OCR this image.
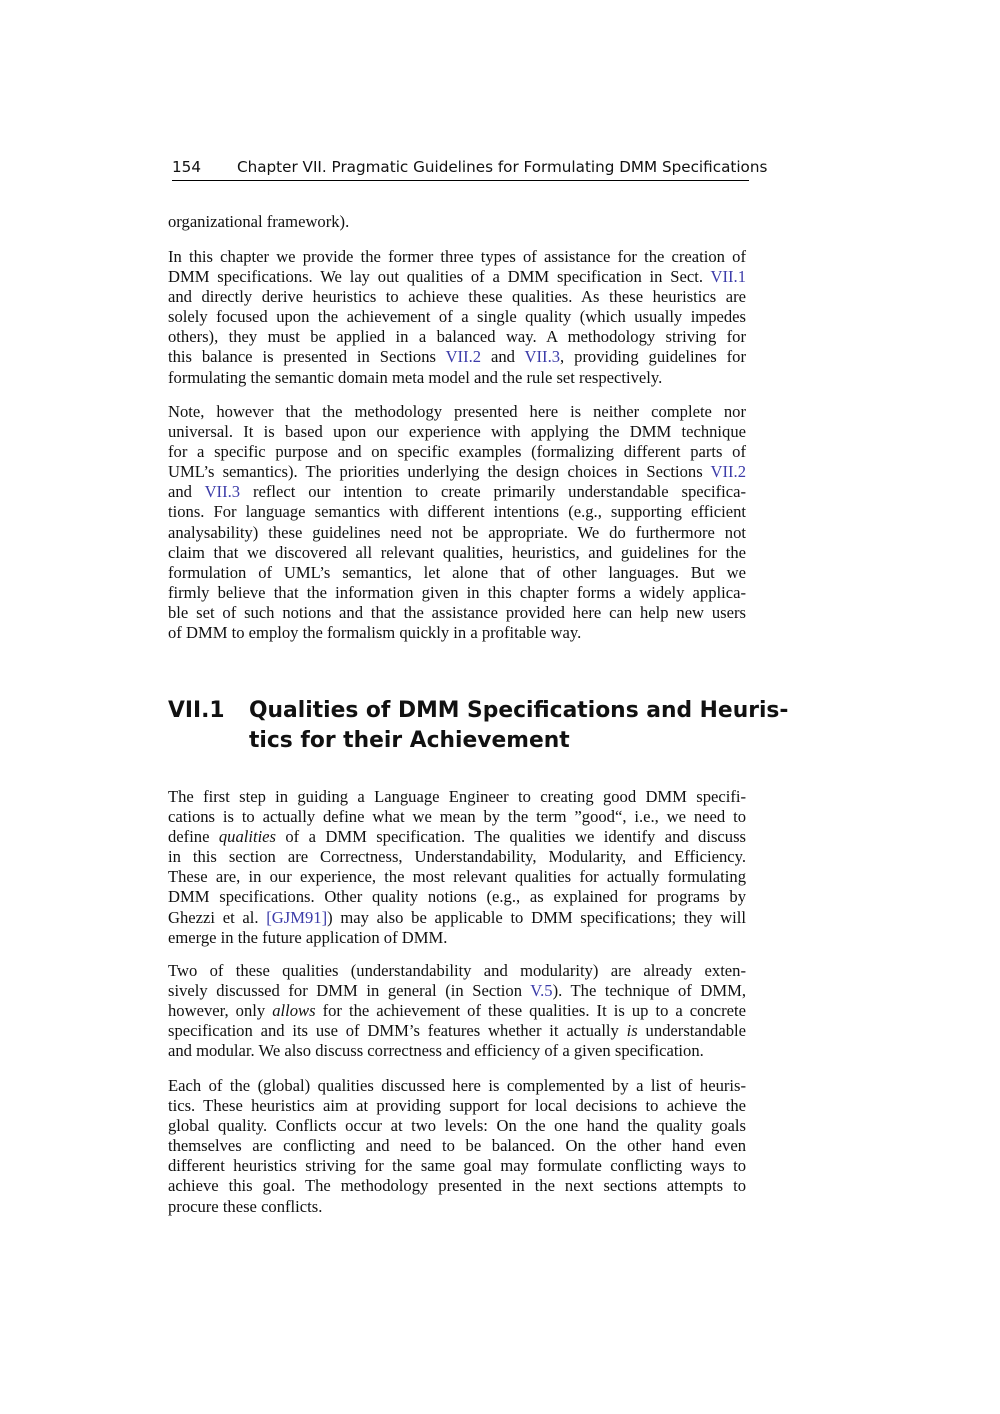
154 Chapter VII. Pragmatic Guidelines for Formulating DMM Specifications
organizational framework).
In this chapter we provide the former three types of assistance for the creation of
DMM specifications. We lay out qualities of a DMM specification in Sect. VII.1
and directly derive heuristics to achieve these qualities. As these heuristics are
solely focused upon the achievement of a single quality (which usually impedes
others), they must be applied in a balanced way. A methodology striving for
this balance is presented in Sections VII.2 and VII.3, providing guidelines for
formulating the semantic domain meta model and the rule set respectively.
Note, however that the methodology presented here is neither complete nor
universal. It is based upon our experience with applying the DMM technique
for a specific purpose and on specific examples (formalizing different parts of
UML’s semantics). The priorities underlying the design choices in Sections VII.2
and VII.3 reflect our intention to create primarily understandable specifica-
tions. For language semantics with different intentions (e.g., supporting efficient
analysability) these guidelines need not be appropriate. We do furthermore not
claim that we discovered all relevant qualities, heuristics, and guidelines for the
formulation of UML’s semantics, let alone that of other languages. But we
firmly believe that the information given in this chapter forms a widely applica-
ble set of such notions and that the assistance provided here can help new users
of DMM to employ the formalism quickly in a profitable way.
VII.1 Qualities of DMM Specifications and Heuris-
tics for their Achievement
The first step in guiding a Language Engineer to creating good DMM specifi-
cations is to actually define what we mean by the term ”good“, i.e., we need to
define qualities of a DMM specification. The qualities we identify and discuss
in this section are Correctness, Understandability, Modularity, and Efficiency.
These are, in our experience, the most relevant qualities for actually formulating
DMM specifications. Other quality notions (e.g., as explained for programs by
Ghezzi et al. [GJM91]) may also be applicable to DMM specifications; they will
emerge in the future application of DMM.
Two of these qualities (understandability and modularity) are already exten-
sively discussed for DMM in general (in Section V.5). The technique of DMM,
however, only allows for the achievement of these qualities. It is up to a concrete
specification and its use of DMM’s features whether it actually is understandable
and modular. We also discuss correctness and efficiency of a given specification.
Each of the (global) qualities discussed here is complemented by a list of heuris-
tics. These heuristics aim at providing support for local decisions to achieve the
global quality. Conflicts occur at two levels: On the one hand the quality goals
themselves are conflicting and need to be balanced. On the other hand even
different heuristics striving for the same goal may formulate conflicting ways to
achieve this goal. The methodology presented in the next sections attempts to
procure these conflicts.
